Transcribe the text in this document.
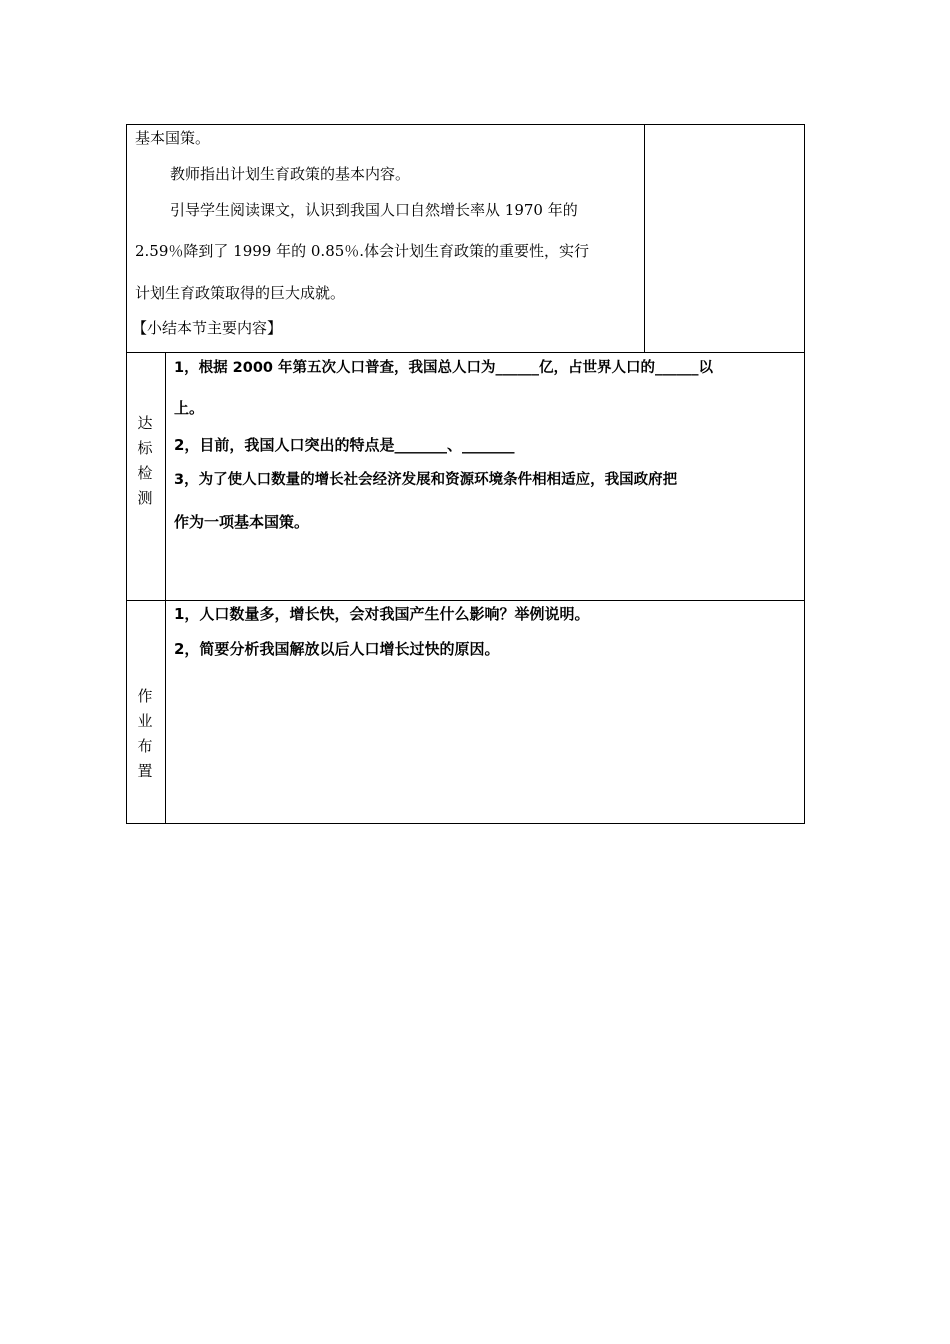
基本国策。
教师指出计划生育政策的基本内容。
引导学生阅读课文，认识到我国人口自然增长率从 1970 年的
2.59％降到了 1999 年的 0.85％.体会计划生育政策的重要性，实行
计划生育政策取得的巨大成就。
【小结本节主要内容】
达
标
检
测
1，根据 2000 年第五次人口普查，我国总人口为______亿，占世界人口的______以
上。
2，目前，我国人口突出的特点是_______、_______
3，为了使人口数量的增长社会经济发展和资源环境条件相相适应，我国政府把
作为一项基本国策。
作
业
布
置
1，人口数量多，增长快，会对我国产生什么影响？举例说明。
2，简要分析我国解放以后人口增长过快的原因。
